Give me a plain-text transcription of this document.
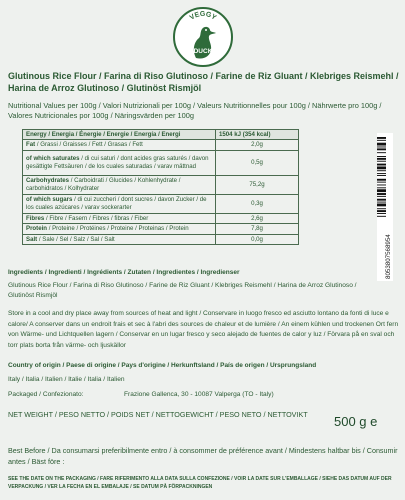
VEGGY
DUCK
Glutinous Rice Flour / Farina di Riso Glutinoso / Farine de Riz Gluant / Klebriges Reismehl / Harina de Arroz Glutinoso / Glutinöst Rismjöl
Nutritional Values per 100g / Valori Nutrizionali per 100g / Valeurs Nutritionnelles pour 100g / Nährwerte pro 100g / Valores Nutricionales por 100g / Näringsvärden per 100g
Energy / Energia / Énergie / Energie / Energía / Energi	1504 kJ (354 kcal)
Fat / Grassi / Graisses / Fett / Grasas / Fett	2,0g
of which saturates / di cui saturi / dont acides gras saturés / davon gesättigte Fettsäuren / de los cuales saturadas / varav mättnad	0,5g
Carbohydrates / Carboidrati / Glucides / Kohlenhydrate / carbohidratos / Kolhydrater	75,2g
of which sugars / di cui zuccheri / dont sucres / davon Zucker / de los cuales azúcares / varav sockerarter	0,3g
Fibres / Fibre / Fasern / Fibres / fibras / Fiber	2,6g
Protein / Proteine / Protéines / Proteine / Proteinas / Protein	7,8g
Salt / Sale / Sel / Salz / Sal / Salt	0,0g	8053807568954
Ingredients / Ingredienti / Ingrédients / Zutaten / Ingredientes / Ingredienser
Glutinous Rice Flour / Farina di Riso Glutinoso / Farine de Riz Gluant / Klebriges Reismehl / Harina de Arroz Glutinoso / Glutinöst Rismjöl
Store in a cool and dry place away from sources of heat and light / Conservare in luogo fresco ed asciutto lontano da fonti di luce e calore/ A conserver dans un endroit frais et sec à l'abri des sources de chaleur et de lumière / An einem kühlen und trockenen Ort fern von Wärme- und Lichtquellen lagern / Conservar en un lugar fresco y seco alejado de fuentes de calor y luz / Förvara på en sval och torr plats borta från värme- och ljuskällor
Country of origin / Paese di origine / Pays d'origine / Herkunftsland / País de origen / Ursprungsland
Italy / Italia / Italien / Italie / Italia / Italien
Packaged / Confezionato:	Frazione Gallenca, 30 - 10087 Valperga (TO - Italy)
NET WEIGHT / PESO NETTO / POIDS NET / NETTOGEWICHT / PESO NETO / NETTOVIKT	500 g e
Best Before / Da consumarsi preferibilmente entro / à consommer de préférence avant / Mindestens haltbar bis / Consumir antes / Bäst före :
SEE THE DATE ON THE PACKAGING / FARE RIFERIMENTO ALLA DATA SULLA CONFEZIONE / VOIR LA DATE SUR L'EMBALLAGE / SIEHE DAS DATUM AUF DER VERPACKUNG / VER LA FECHA EN EL EMBALAJE / SE DATUM PÅ FÖRPACKNINGEN
